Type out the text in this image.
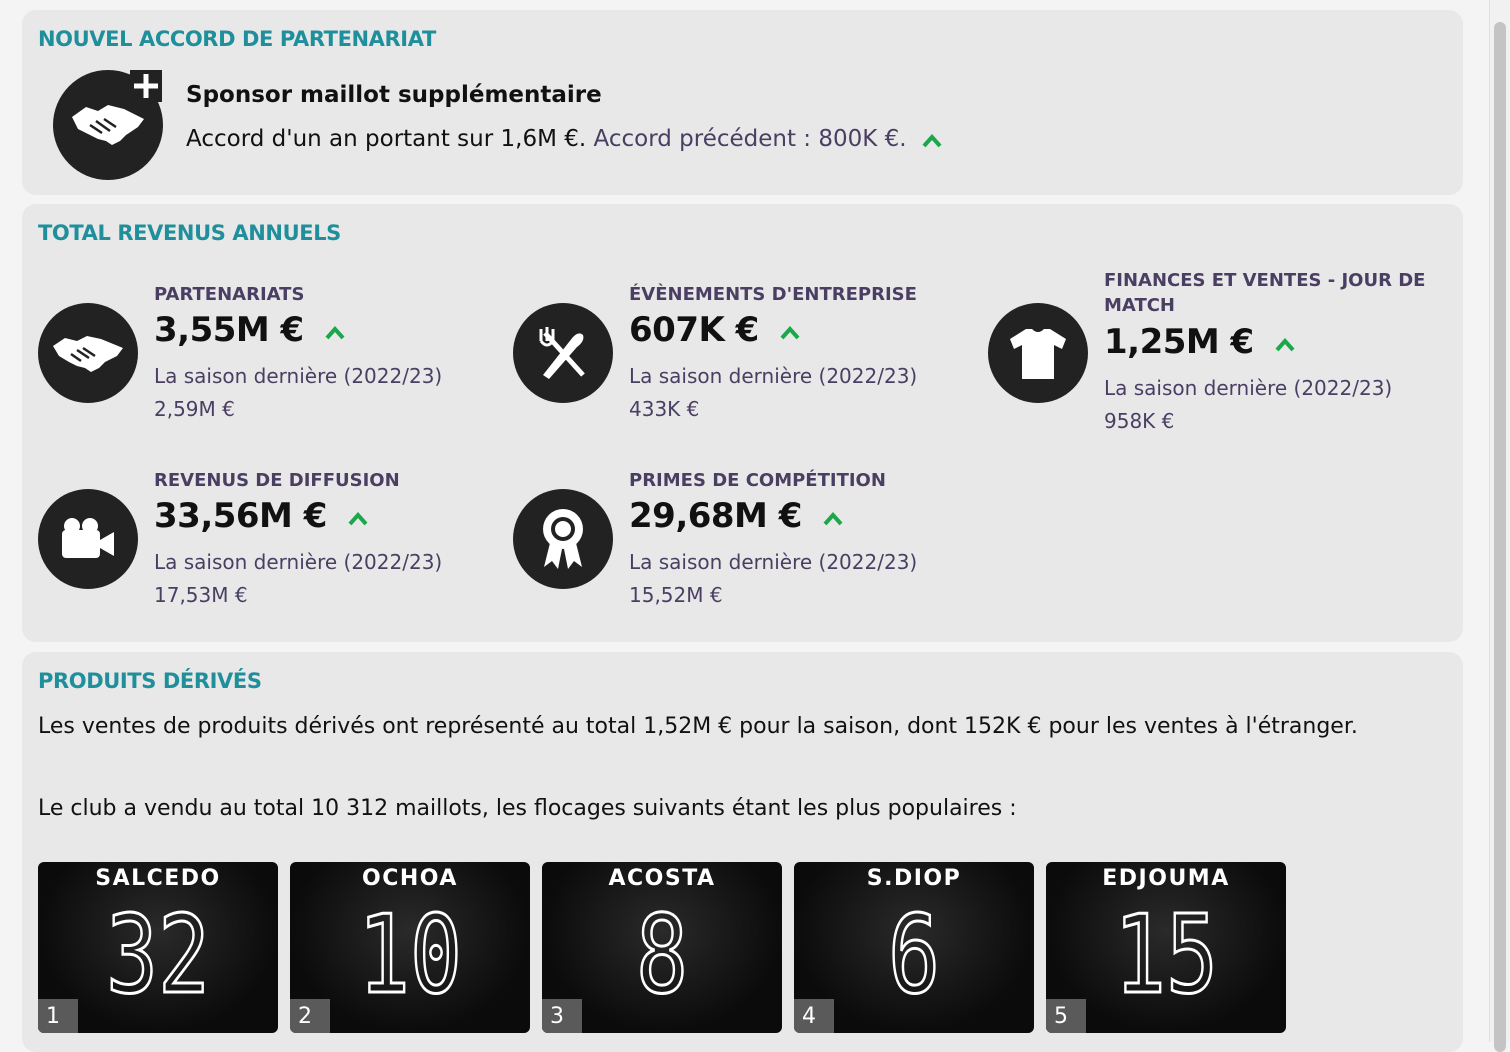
NOUVEL ACCORD DE PARTENARIAT
Sponsor maillot supplémentaire
Accord d'un an portant sur 1,6M €. Accord précédent : 800K €.
TOTAL REVENUS ANNUELS
PARTENARIATS
3,55M €
La saison dernière (2022/23)
2,59M €
ÉVÈNEMENTS D'ENTREPRISE
607K €
La saison dernière (2022/23)
433K €
FINANCES ET VENTES - JOUR DE MATCH
1,25M €
La saison dernière (2022/23)
958K €
REVENUS DE DIFFUSION
33,56M €
La saison dernière (2022/23)
17,53M €
PRIMES DE COMPÉTITION
29,68M €
La saison dernière (2022/23)
15,52M €
PRODUITS DÉRIVÉS
Les ventes de produits dérivés ont représenté au total 1,52M € pour la saison, dont 152K € pour les ventes à l'étranger.
Le club a vendu au total 10 312 maillots, les flocages suivants étant les plus populaires :
SALCEDO
32
1
OCHOA
10
2
ACOSTA
8
3
S.DIOP
6
4
EDJOUMA
15
5
